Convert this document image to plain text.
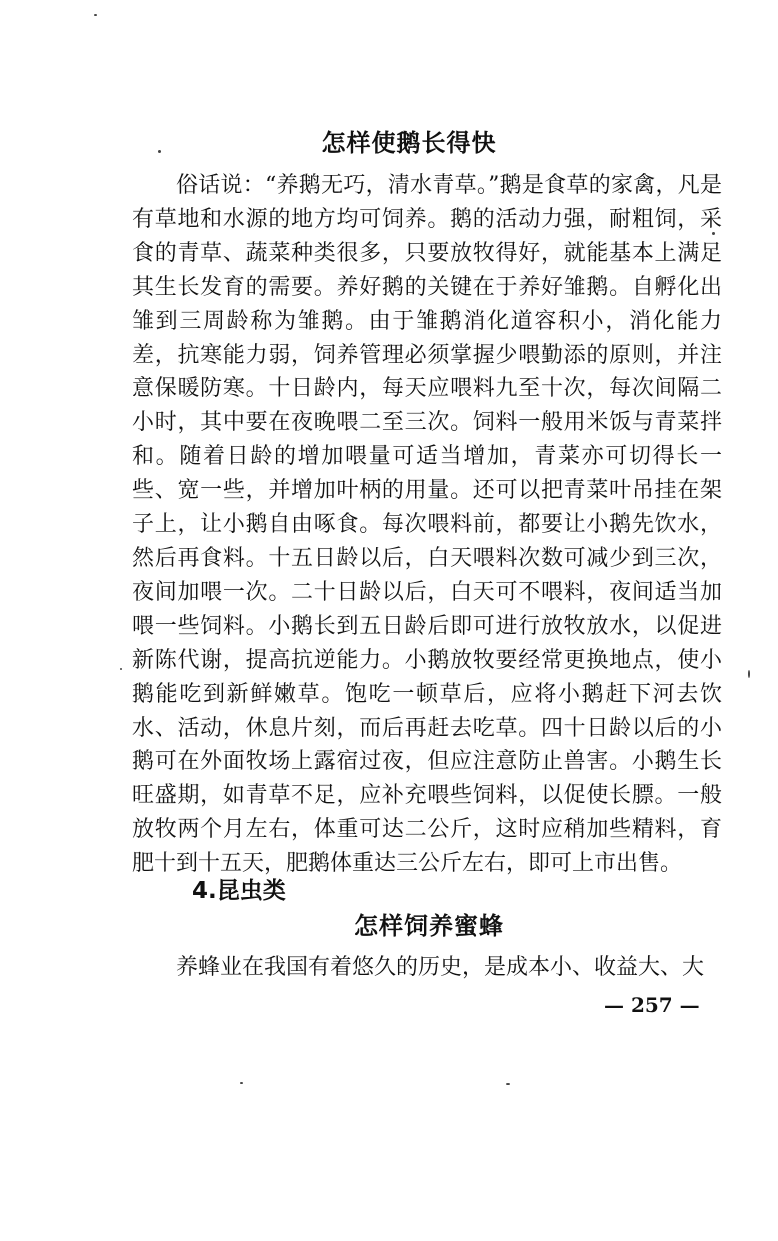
怎样使鹅长得快

俗话说：“养鹅无巧，清水青草。”鹅是食草的家禽，凡是有草地和水源的地方均可饲养。鹅的活动力强，耐粗饲，采食的青草、蔬菜种类很多，只要放牧得好，就能基本上满足其生长发育的需要。养好鹅的关键在于养好雏鹅。自孵化出雏到三周龄称为雏鹅。由于雏鹅消化道容积小，消化能力差，抗寒能力弱，饲养管理必须掌握少喂勤添的原则，并注意保暖防寒。十日龄内，每天应喂料九至十次，每次间隔二小时，其中要在夜晚喂二至三次。饲料一般用米饭与青菜拌和。随着日龄的增加喂量可适当增加，青菜亦可切得长一些、宽一些，并增加叶柄的用量。还可以把青菜叶吊挂在架子上，让小鹅自由啄食。每次喂料前，都要让小鹅先饮水，然后再食料。十五日龄以后，白天喂料次数可减少到三次，夜间加喂一次。二十日龄以后，白天可不喂料，夜间适当加喂一些饲料。小鹅长到五日龄后即可进行放牧放水，以促进新陈代谢，提高抗逆能力。小鹅放牧要经常更换地点，使小鹅能吃到新鲜嫩草。饱吃一顿草后，应将小鹅赶下河去饮水、活动，休息片刻，而后再赶去吃草。四十日龄以后的小鹅可在外面牧场上露宿过夜，但应注意防止兽害。小鹅生长旺盛期，如青草不足，应补充喂些饲料，以促使长膘。一般放牧两个月左右，体重可达二公斤，这时应稍加些精料，育肥十到十五天，肥鹅体重达三公斤左右，即可上市出售。

4.昆虫类
怎样饲养蜜蜂

养蜂业在我国有着悠久的历史，是成本小、收益大、大

— 257 —
